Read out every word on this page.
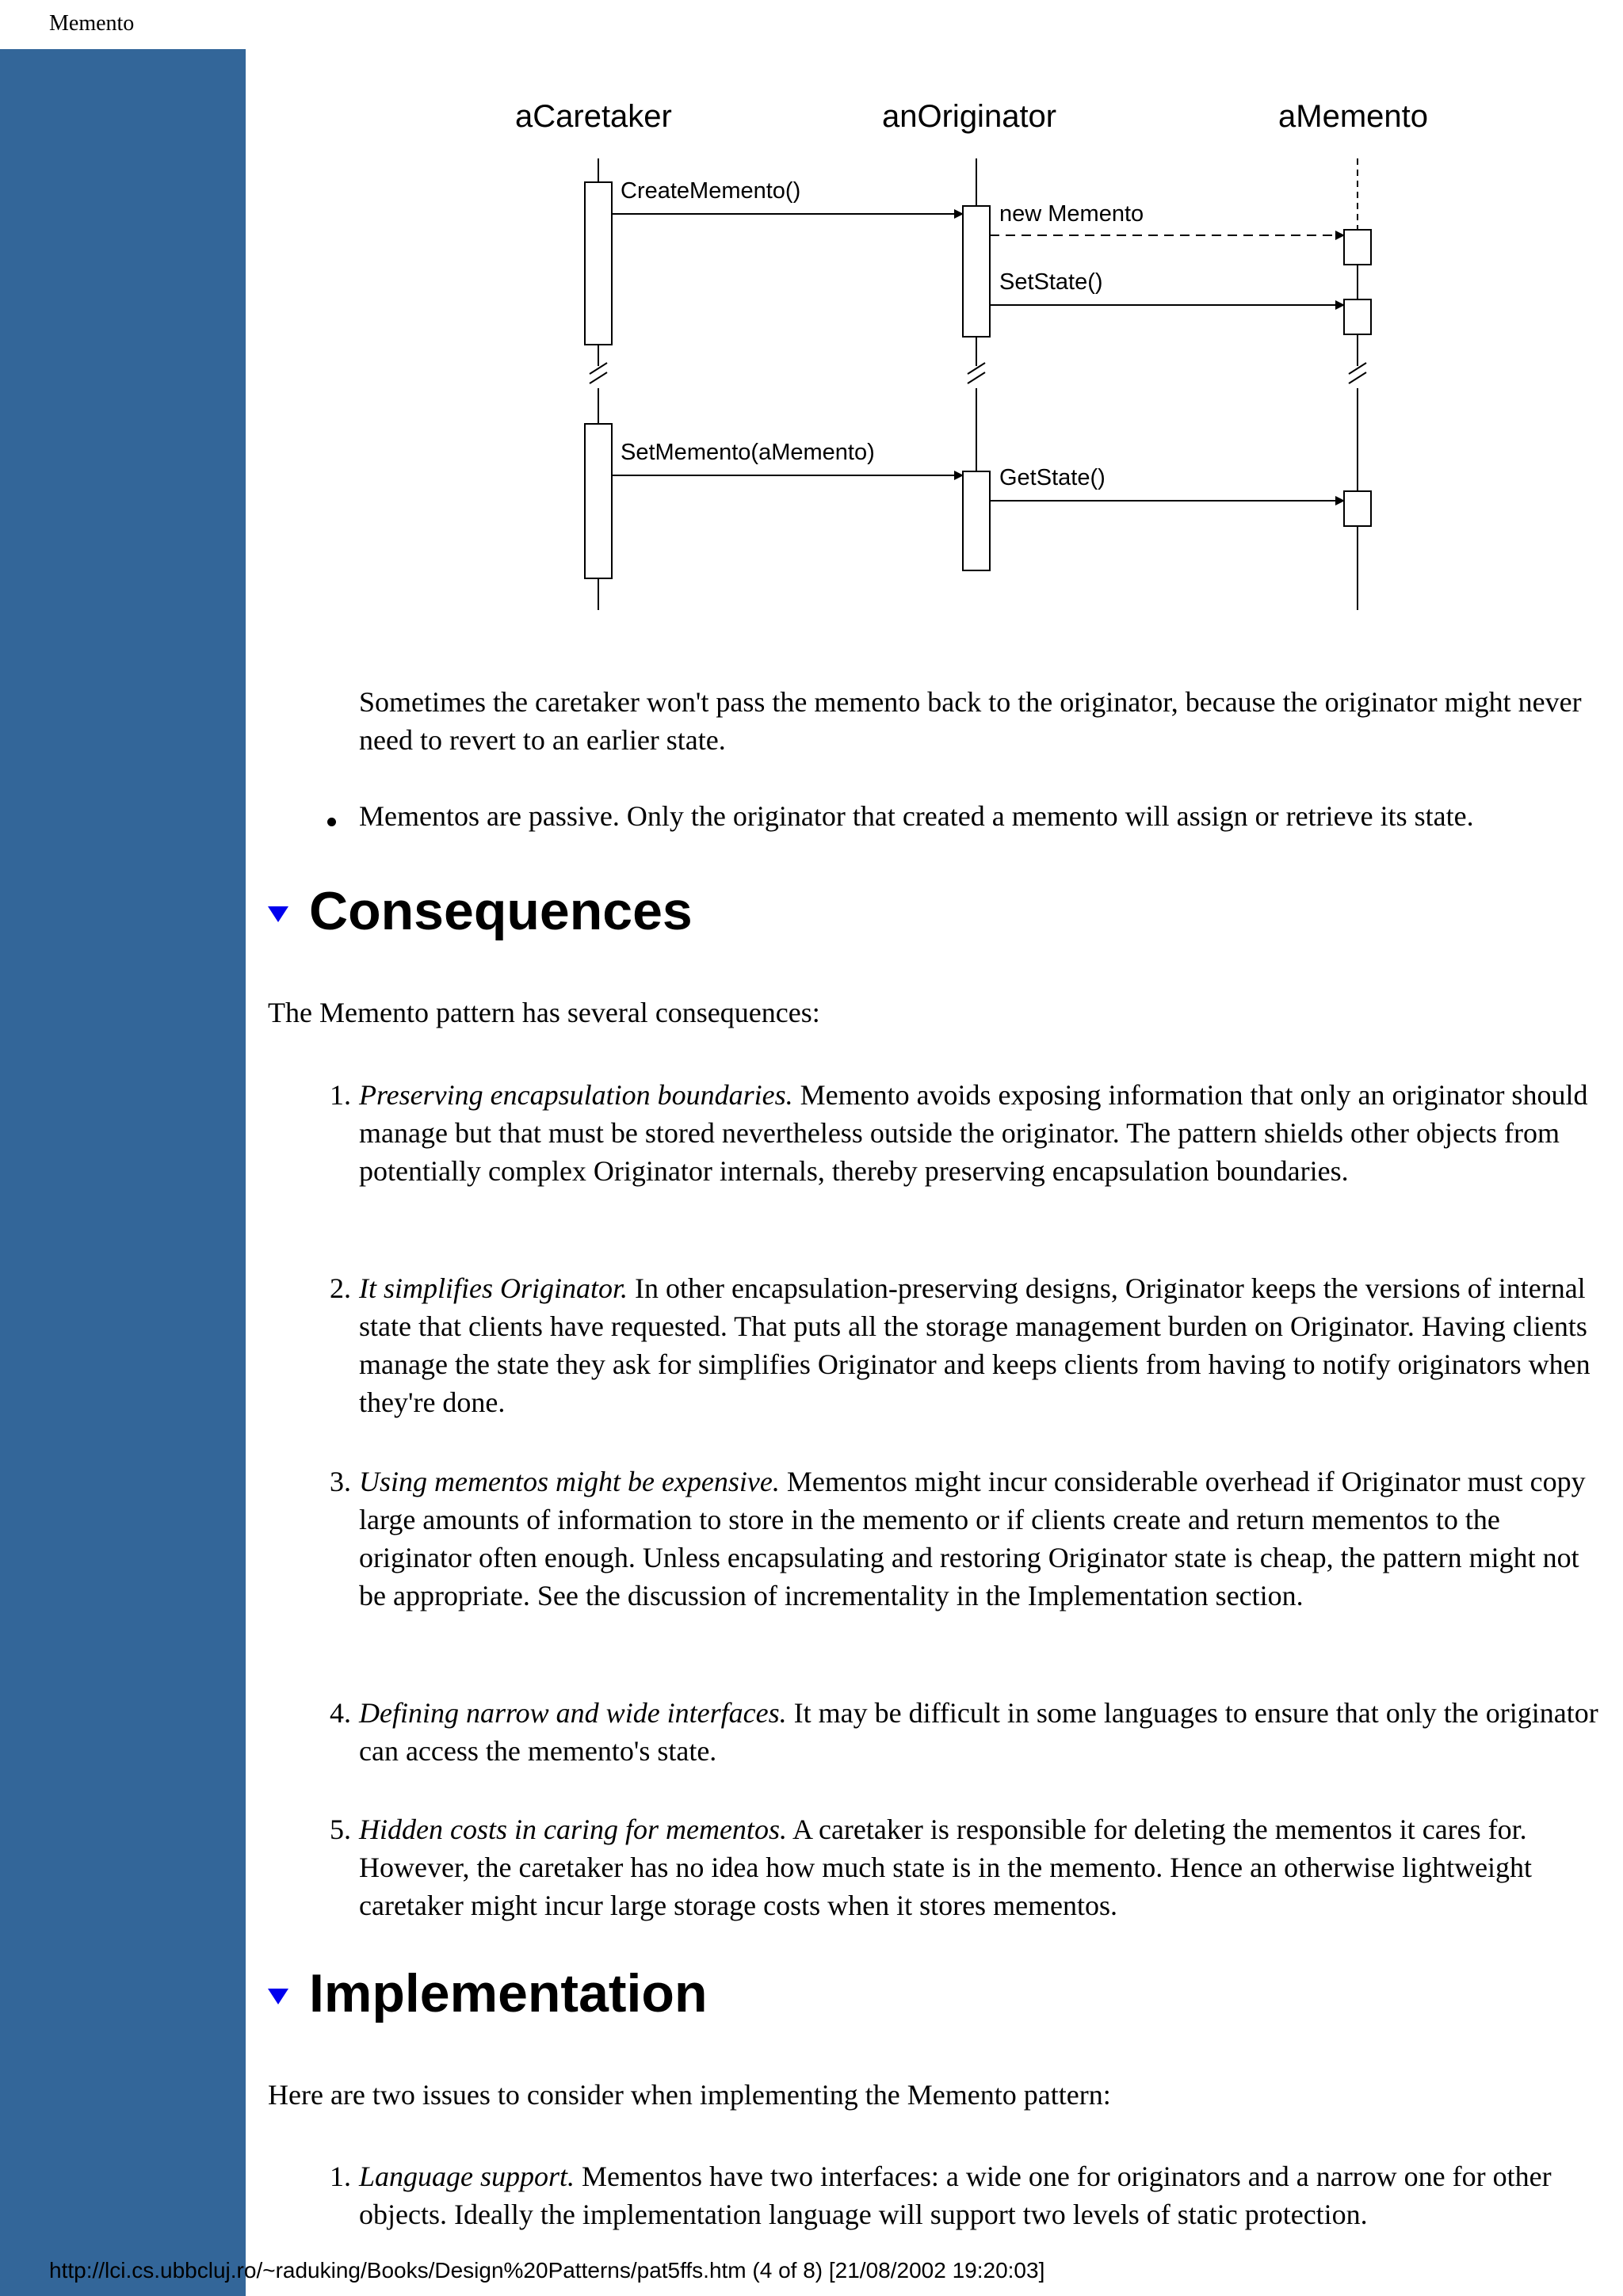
Memento
aCaretaker	anOriginator	aMemento
CreateMemento()
new Memento
SetState()
SetMemento(aMemento)
GetState()

Sometimes the caretaker won't pass the memento back to the originator, because the originator might never need to revert to an earlier state.

Mementos are passive. Only the originator that created a memento will assign or retrieve its state.
Consequences

The Memento pattern has several consequences:

1. Preserving encapsulation boundaries. Memento avoids exposing information that only an originator should manage but that must be stored nevertheless outside the originator. The pattern shields other objects from potentially complex Originator internals, thereby preserving encapsulation boundaries.
2. It simplifies Originator. In other encapsulation-preserving designs, Originator keeps the versions of internal state that clients have requested. That puts all the storage management burden on Originator. Having clients manage the state they ask for simplifies Originator and keeps clients from having to notify originators when they're done.
3. Using mementos might be expensive. Mementos might incur considerable overhead if Originator must copy large amounts of information to store in the memento or if clients create and return mementos to the originator often enough. Unless encapsulating and restoring Originator state is cheap, the pattern might not be appropriate. See the discussion of incrementality in the Implementation section.
4. Defining narrow and wide interfaces. It may be difficult in some languages to ensure that only the originator can access the memento's state.
5. Hidden costs in caring for mementos. A caretaker is responsible for deleting the mementos it cares for. However, the caretaker has no idea how much state is in the memento. Hence an otherwise lightweight caretaker might incur large storage costs when it stores mementos.
Implementation

Here are two issues to consider when implementing the Memento pattern:

1. Language support. Mementos have two interfaces: a wide one for originators and a narrow one for other objects. Ideally the implementation language will support two levels of static protection.
http://lci.cs.ubbcluj.ro/~raduking/Books/Design%20Patterns/pat5ffs.htm (4 of 8) [21/08/2002 19:20:03]
